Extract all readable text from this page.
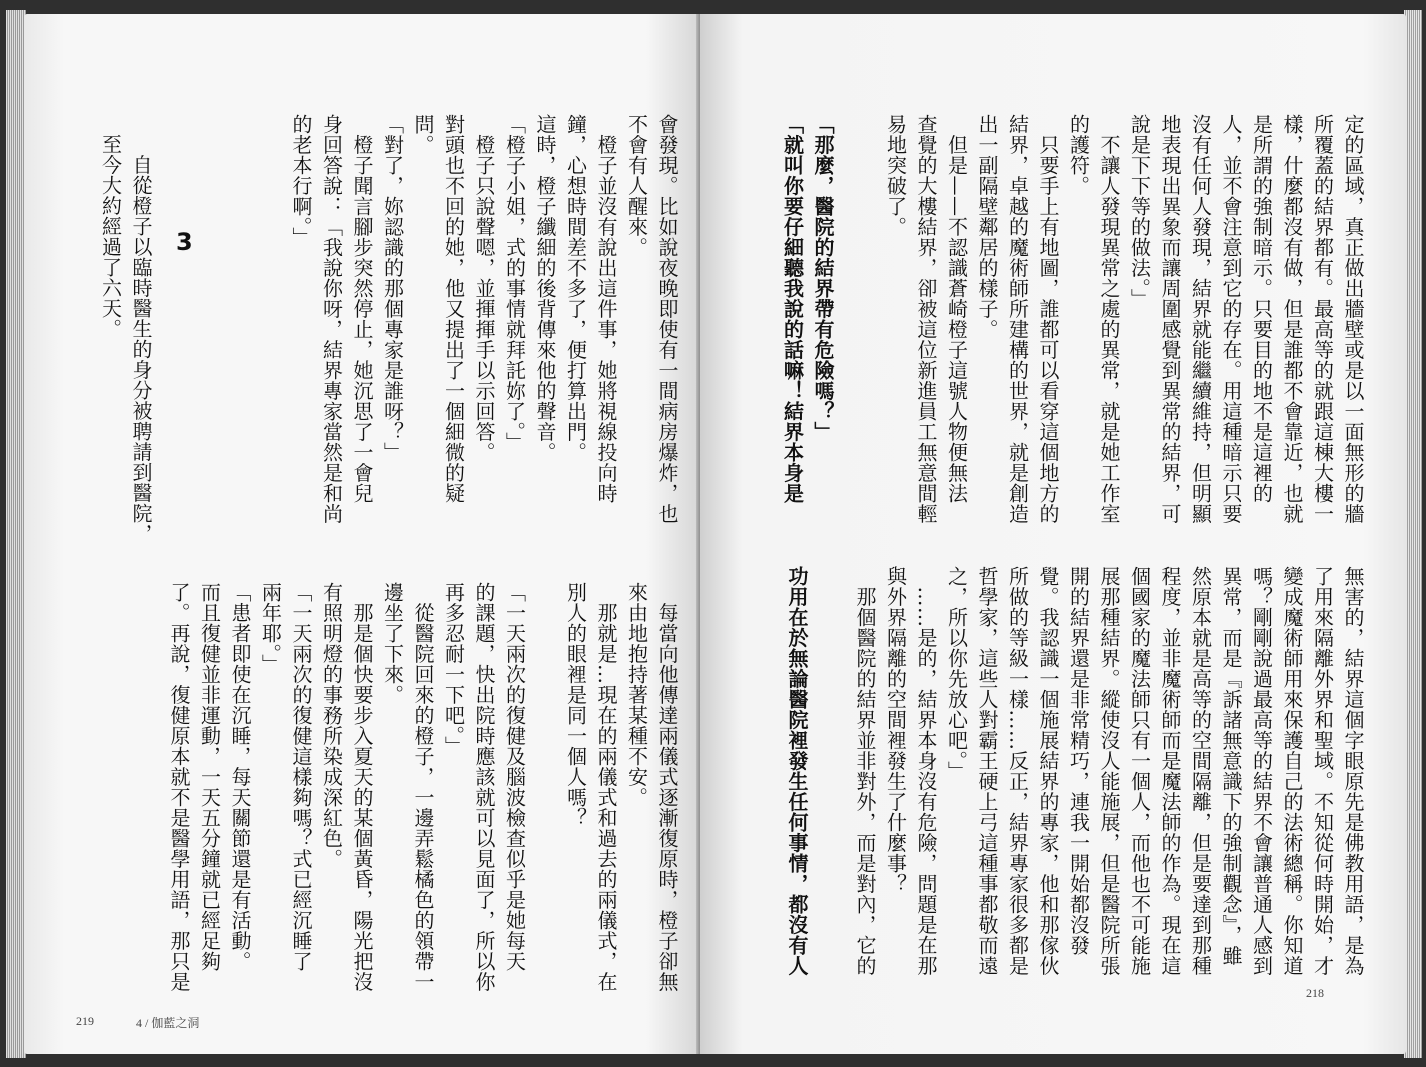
會發現。比如說夜晚即使有一間病房爆炸，也
不會有人醒來。
　橙子並沒有說出這件事，她將視線投向時
鐘，心想時間差不多了，便打算出門。
這時，橙子纖細的後背傳來他的聲音。
「橙子小姐，式的事情就拜託妳了。」
　橙子只說聲嗯，並揮揮手以示回答。
對頭也不回的她，他又提出了一個細微的疑
問。
「對了，妳認識的那個專家是誰呀？」
　橙子聞言腳步突然停止，她沉思了一會兒
身回答說：「我說你呀，結界專家當然是和尚
的老本行啊。」
3
　自從橙子以臨時醫生的身分被聘請到醫院，
至今大約經過了六天。
　每當向他傳達兩儀式逐漸復原時，橙子卻無
來由地抱持著某種不安。
　那就是…現在的兩儀式和過去的兩儀式，在
別人的眼裡是同一個人嗎？

「一天兩次的復健及腦波檢查似乎是她每天
的課題，快出院時應該就可以見面了，所以你
再多忍耐一下吧。」
　從醫院回來的橙子，一邊弄鬆橘色的領帶一
邊坐了下來。
　那是個快要步入夏天的某個黃昏，陽光把沒
有照明燈的事務所染成深紅色。
「一天兩次的復健這樣夠嗎？式已經沉睡了
兩年耶。」
「患者即使在沉睡，每天關節還是有活動。
而且復健並非運動，一天五分鐘就已經足夠
了。再說，復健原本就不是醫學用語，那只是
219	4 / 伽藍之洞
定的區域，真正做出牆壁或是以一面無形的牆
所覆蓋的結界都有。最高等的就跟這棟大樓一
樣，什麼都沒有做，但是誰都不會靠近，也就
是所謂的強制暗示。只要目的地不是這裡的
人，並不會注意到它的存在。用這種暗示只要
沒有任何人發現，結界就能繼續維持，但明顯
地表現出異象而讓周圍感覺到異常的結界，可
說是下下等的做法。」
　不讓人發現異常之處的異常，就是她工作室
的護符。
　只要手上有地圖，誰都可以看穿這個地方的
結界，卓越的魔術師所建構的世界，就是創造
出一副隔壁鄰居的樣子。
　但是——不認識蒼崎橙子這號人物便無法
查覺的大樓結界，卻被這位新進員工無意間輕
易地突破了。
「那麼，醫院的結界帶有危險嗎？」
「就叫你要仔細聽我說的話嘛！結界本身是
無害的，結界這個字眼原先是佛教用語，是為
了用來隔離外界和聖域。不知從何時開始，才
變成魔術師用來保護自己的法術總稱。你知道
嗎？剛剛說過最高等的結界不會讓普通人感到
異常，而是『訴諸無意識下的強制觀念』，雖
然原本就是高等的空間隔離，但是要達到那種
程度，並非魔術師而是魔法師的作為。現在這
個國家的魔法師只有一個人，而他也不可能施
展那種結界。縱使沒人能施展，但是醫院所張
開的結界還是非常精巧，連我一開始都沒發
覺。我認識一個施展結界的專家，他和那傢伙
所做的等級一樣……反正，結界專家很多都是
哲學家，這些人對霸王硬上弓這種事都敬而遠
之，所以你先放心吧。」
　……是的，結界本身沒有危險，問題是在那
與外界隔離的空間裡發生了什麼事？
　那個醫院的結界並非對外，而是對內，它的
功用在於無論醫院裡發生任何事情，都沒有人
218
